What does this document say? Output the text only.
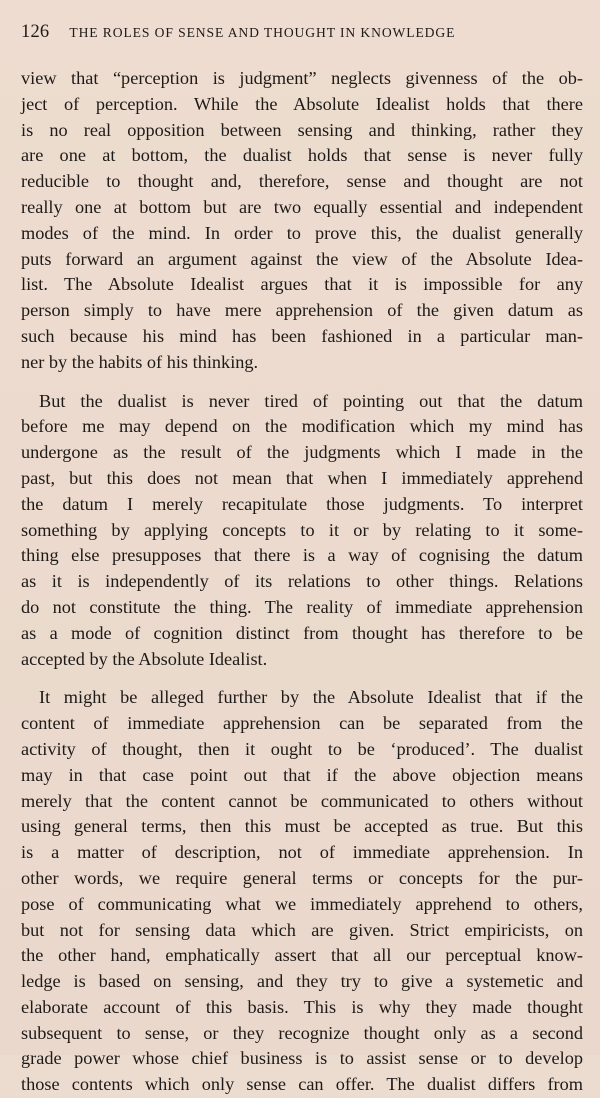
126 THE ROLES OF SENSE AND THOUGHT IN KNOWLEDGE

view that “perception is judgment” neglects givenness of the ob-
ject of perception. While the Absolute Idealist holds that there
is no real opposition between sensing and thinking, rather they
are one at bottom, the dualist holds that sense is never fully
reducible to thought and, therefore, sense and thought are not
really one at bottom but are two equally essential and independent
modes of the mind. In order to prove this, the dualist generally
puts forward an argument against the view of the Absolute Idea-
list. The Absolute Idealist argues that it is impossible for any
person simply to have mere apprehension of the given datum as
such because his mind has been fashioned in a particular man-
ner by the habits of his thinking.

But the dualist is never tired of pointing out that the datum
before me may depend on the modification which my mind has
undergone as the result of the judgments which I made in the
past, but this does not mean that when I immediately apprehend
the datum I merely recapitulate those judgments. To interpret
something by applying concepts to it or by relating to it some-
thing else presupposes that there is a way of cognising the datum
as it is independently of its relations to other things. Relations
do not constitute the thing. The reality of immediate apprehension
as a mode of cognition distinct from thought has therefore to be
accepted by the Absolute Idealist.

It might be alleged further by the Absolute Idealist that if the
content of immediate apprehension can be separated from the
activity of thought, then it ought to be ‘produced’. The dualist
may in that case point out that if the above objection means
merely that the content cannot be communicated to others without
using general terms, then this must be accepted as true. But this
is a matter of description, not of immediate apprehension. In
other words, we require general terms or concepts for the pur-
pose of communicating what we immediately apprehend to others,
but not for sensing data which are given. Strict empiricists, on
the other hand, emphatically assert that all our perceptual know-
ledge is based on sensing, and they try to give a systemetic and
elaborate account of this basis. This is why they made thought
subsequent to sense, or they recognize thought only as a second
grade power whose chief business is to assist sense or to develop
those contents which only sense can offer. The dualist differs from
